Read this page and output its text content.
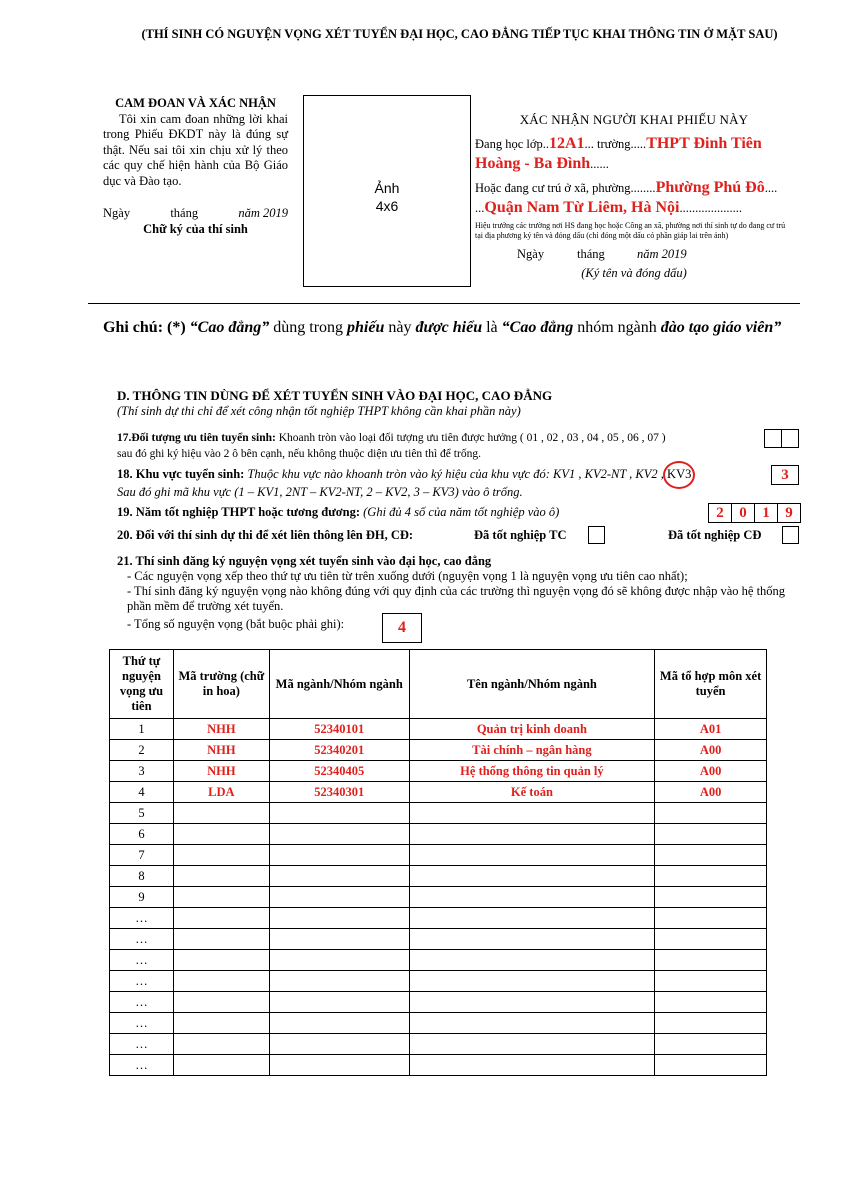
(THÍ SINH CÓ NGUYỆN VỌNG XÉT TUYỂN ĐẠI HỌC, CAO ĐẲNG TIẾP TỤC KHAI THÔNG TIN Ở MẶT SAU)
CAM ĐOAN VÀ XÁC NHẬN
Tôi xin cam đoan những lời khai trong Phiếu ĐKDT này là đúng sự thật. Nếu sai tôi xin chịu xử lý theo các quy chế hiện hành của Bộ Giáo dục và Đào tạo.
Ngày	tháng	năm 2019
Chữ ký của thí sinh
Ảnh
4x6
XÁC NHẬN NGƯỜI KHAI PHIẾU NÀY
Đang học lớp..12A1... trường.....THPT Đinh Tiên
Hoàng - Ba Đình......
Hoặc đang cư trú ở xã, phường........Phường Phú Đô....
...Quận Nam Từ Liêm, Hà Nội....................
Hiệu trưởng các trường nơi HS đang học hoặc Công an xã, phường nơi thí sinh tự do đang cư trú tại địa phương ký tên và đóng dấu (chỉ đóng một dấu có phần giáp lai trên ảnh)
Ngày	tháng	năm 2019
(Ký tên và đóng dấu)
Ghi chú: (*) “Cao đẳng” dùng trong phiếu này được hiểu là “Cao đẳng nhóm ngành đào tạo giáo viên”
D. THÔNG TIN DÙNG ĐỂ XÉT TUYỂN SINH VÀO ĐẠI HỌC, CAO ĐẲNG
(Thí sinh dự thi chỉ để xét công nhận tốt nghiệp THPT không cần khai phần này)
17.Đối tượng ưu tiên tuyển sinh: Khoanh tròn vào loại đối tượng ưu tiên được hưởng ( 01 , 02 , 03 , 04 , 05 , 06 , 07 )
sau đó ghi ký hiệu vào 2 ô bên cạnh, nếu không thuộc diện ưu tiên thì để trống.
18. Khu vực tuyển sinh: Thuộc khu vực nào khoanh tròn vào ký hiệu của khu vực đó: KV1 , KV2-NT , KV2 , KV3	3
Sau đó ghi mã khu vực (1 – KV1, 2NT – KV2-NT, 2 – KV2, 3 – KV3) vào ô trống.
19. Năm tốt nghiệp THPT hoặc tương đương: (Ghi đủ 4 số của năm tốt nghiệp vào ô)	2	0	1	9
20. Đối với thí sinh dự thi để xét liên thông lên ĐH, CĐ:	Đã tốt nghiệp TC	Đã tốt nghiệp CĐ
21. Thí sinh đăng ký nguyện vọng xét tuyển sinh vào đại học, cao đẳng
- Các nguyện vọng xếp theo thứ tự ưu tiên từ trên xuống dưới (nguyện vọng 1 là nguyện vọng ưu tiên cao nhất);
- Thí sinh đăng ký nguyện vọng nào không đúng với quy định của các trường thì nguyện vọng đó sẽ không được nhập vào hệ thống phần mềm để trường xét tuyển.
- Tổng số nguyện vọng (bắt buộc phải ghi):	4
Thứ tự nguyện vọng ưu tiên	Mã trường (chữ in hoa)	Mã ngành/Nhóm ngành	Tên ngành/Nhóm ngành	Mã tổ hợp môn xét tuyển
1	NHH	52340101	Quản trị kinh doanh	A01
2	NHH	52340201	Tài chính – ngân hàng	A00
3	NHH	52340405	Hệ thống thông tin quản lý	A00
4	LDA	52340301	Kế toán	A00
5				
6				
7				
8				
9				
…				
…				
…				
…				
…				
…				
…				
…				
